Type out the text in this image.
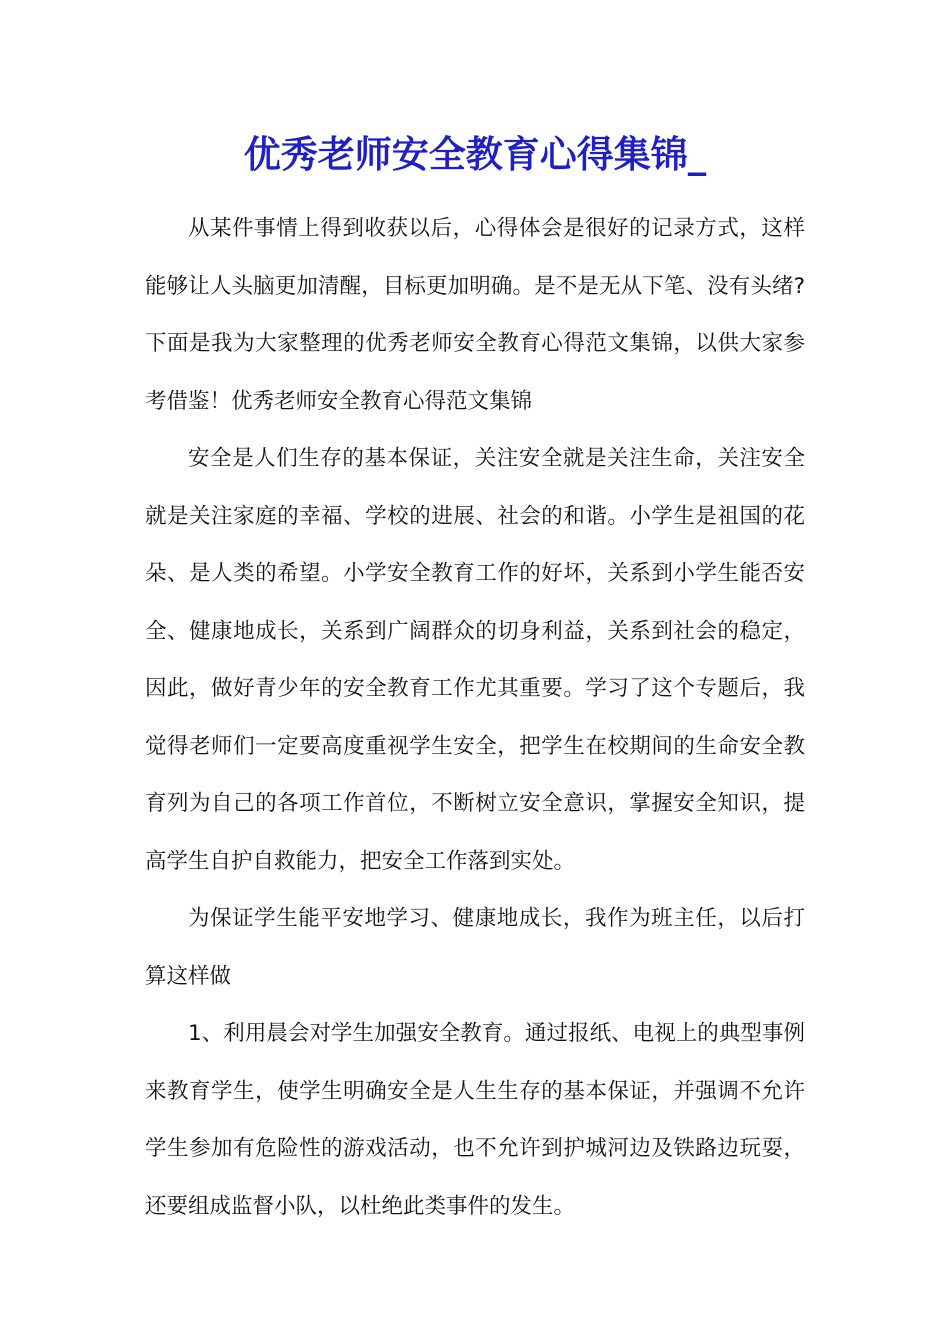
优秀老师安全教育心得集锦_

从某件事情上得到收获以后，心得体会是很好的记录方式，这样能够让人头脑更加清醒，目标更加明确。是不是无从下笔、没有头绪?下面是我为大家整理的优秀老师安全教育心得范文集锦，以供大家参考借鉴！优秀老师安全教育心得范文集锦

安全是人们生存的基本保证，关注安全就是关注生命，关注安全就是关注家庭的幸福、学校的进展、社会的和谐。小学生是祖国的花朵、是人类的希望。小学安全教育工作的好坏，关系到小学生能否安全、健康地成长，关系到广阔群众的切身利益，关系到社会的稳定，因此，做好青少年的安全教育工作尤其重要。学习了这个专题后，我觉得老师们一定要高度重视学生安全，把学生在校期间的生命安全教育列为自己的各项工作首位，不断树立安全意识，掌握安全知识，提高学生自护自救能力，把安全工作落到实处。

为保证学生能平安地学习、健康地成长，我作为班主任，以后打算这样做

1、利用晨会对学生加强安全教育。通过报纸、电视上的典型事例来教育学生，使学生明确安全是人生生存的基本保证，并强调不允许学生参加有危险性的游戏活动，也不允许到护城河边及铁路边玩耍，还要组成监督小队，以杜绝此类事件的发生。
